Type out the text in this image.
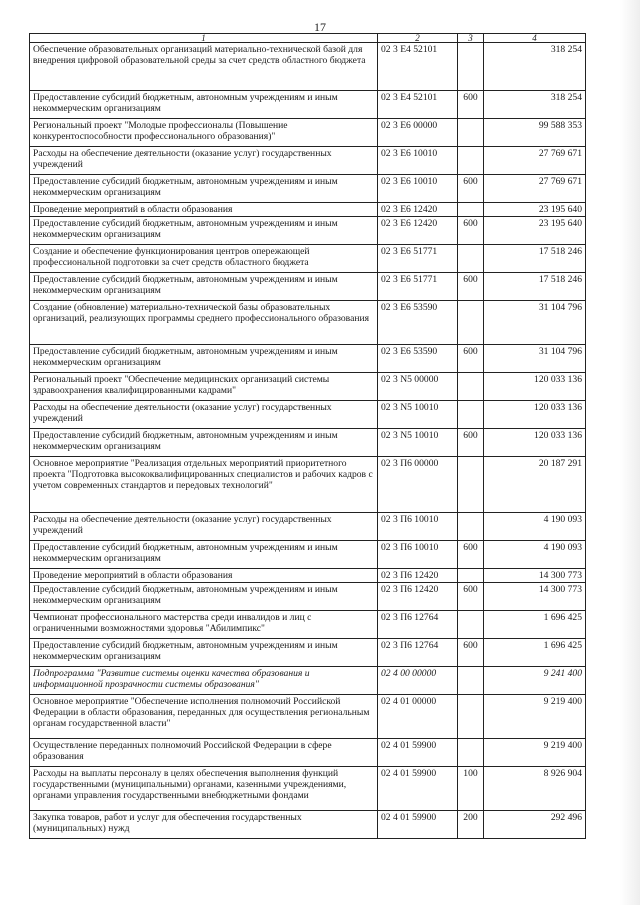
17
1	2	3	4
Обеспечение образовательных организаций материально-технической базой для внедрения цифровой образовательной среды за счет средств областного бюджета	02 3 Е4 52101		318 254
Предоставление субсидий бюджетным, автономным учреждениям и иным некоммерческим организациям	02 3 Е4 52101	600	318 254
Региональный проект "Молодые профессионалы (Повышение конкурентоспособности профессионального образования)"	02 3 Е6 00000		99 588 353
Расходы на обеспечение деятельности (оказание услуг) государственных учреждений	02 3 Е6 10010		27 769 671
Предоставление субсидий бюджетным, автономным учреждениям и иным некоммерческим организациям	02 3 Е6 10010	600	27 769 671
Проведение мероприятий в области образования	02 3 Е6 12420		23 195 640
Предоставление субсидий бюджетным, автономным учреждениям и иным некоммерческим организациям	02 3 Е6 12420	600	23 195 640
Создание и обеспечение функционирования центров опережающей профессиональной подготовки за счет средств областного бюджета	02 3 Е6 51771		17 518 246
Предоставление субсидий бюджетным, автономным учреждениям и иным некоммерческим организациям	02 3 Е6 51771	600	17 518 246
Создание (обновление) материально-технической базы образовательных организаций, реализующих программы среднего профессионального образования	02 3 Е6 53590		31 104 796
Предоставление субсидий бюджетным, автономным учреждениям и иным некоммерческим организациям	02 3 Е6 53590	600	31 104 796
Региональный проект "Обеспечение медицинских организаций системы здравоохранения квалифицированными кадрами"	02 3 N5 00000		120 033 136
Расходы на обеспечение деятельности (оказание услуг) государственных учреждений	02 3 N5 10010		120 033 136
Предоставление субсидий бюджетным, автономным учреждениям и иным некоммерческим организациям	02 3 N5 10010	600	120 033 136
Основное мероприятие "Реализация отдельных мероприятий приоритетного проекта "Подготовка высококвалифицированных специалистов и рабочих кадров с учетом современных стандартов и передовых технологий"	02 3 П6 00000		20 187 291
Расходы на обеспечение деятельности (оказание услуг) государственных учреждений	02 3 П6 10010		4 190 093
Предоставление субсидий бюджетным, автономным учреждениям и иным некоммерческим организациям	02 3 П6 10010	600	4 190 093
Проведение мероприятий в области образования	02 3 П6 12420		14 300 773
Предоставление субсидий бюджетным, автономным учреждениям и иным некоммерческим организациям	02 3 П6 12420	600	14 300 773
Чемпионат профессионального мастерства среди инвалидов и лиц с ограниченными возможностями здоровья "Абилимпикс"	02 3 П6 12764		1 696 425
Предоставление субсидий бюджетным, автономным учреждениям и иным некоммерческим организациям	02 3 П6 12764	600	1 696 425
Подпрограмма "Развитие системы оценки качества образования и информационной прозрачности системы образования"	02 4 00 00000		9 241 400
Основное мероприятие "Обеспечение исполнения полномочий Российской Федерации в области образования, переданных для осуществления региональным органам государственной власти"	02 4 01 00000		9 219 400
Осуществление переданных полномочий Российской Федерации в сфере образования	02 4 01 59900		9 219 400
Расходы на выплаты персоналу в целях обеспечения выполнения функций государственными (муниципальными) органами, казенными учреждениями, органами управления государственными внебюджетными фондами	02 4 01 59900	100	8 926 904
Закупка товаров, работ и услуг для обеспечения государственных (муниципальных) нужд	02 4 01 59900	200	292 496
